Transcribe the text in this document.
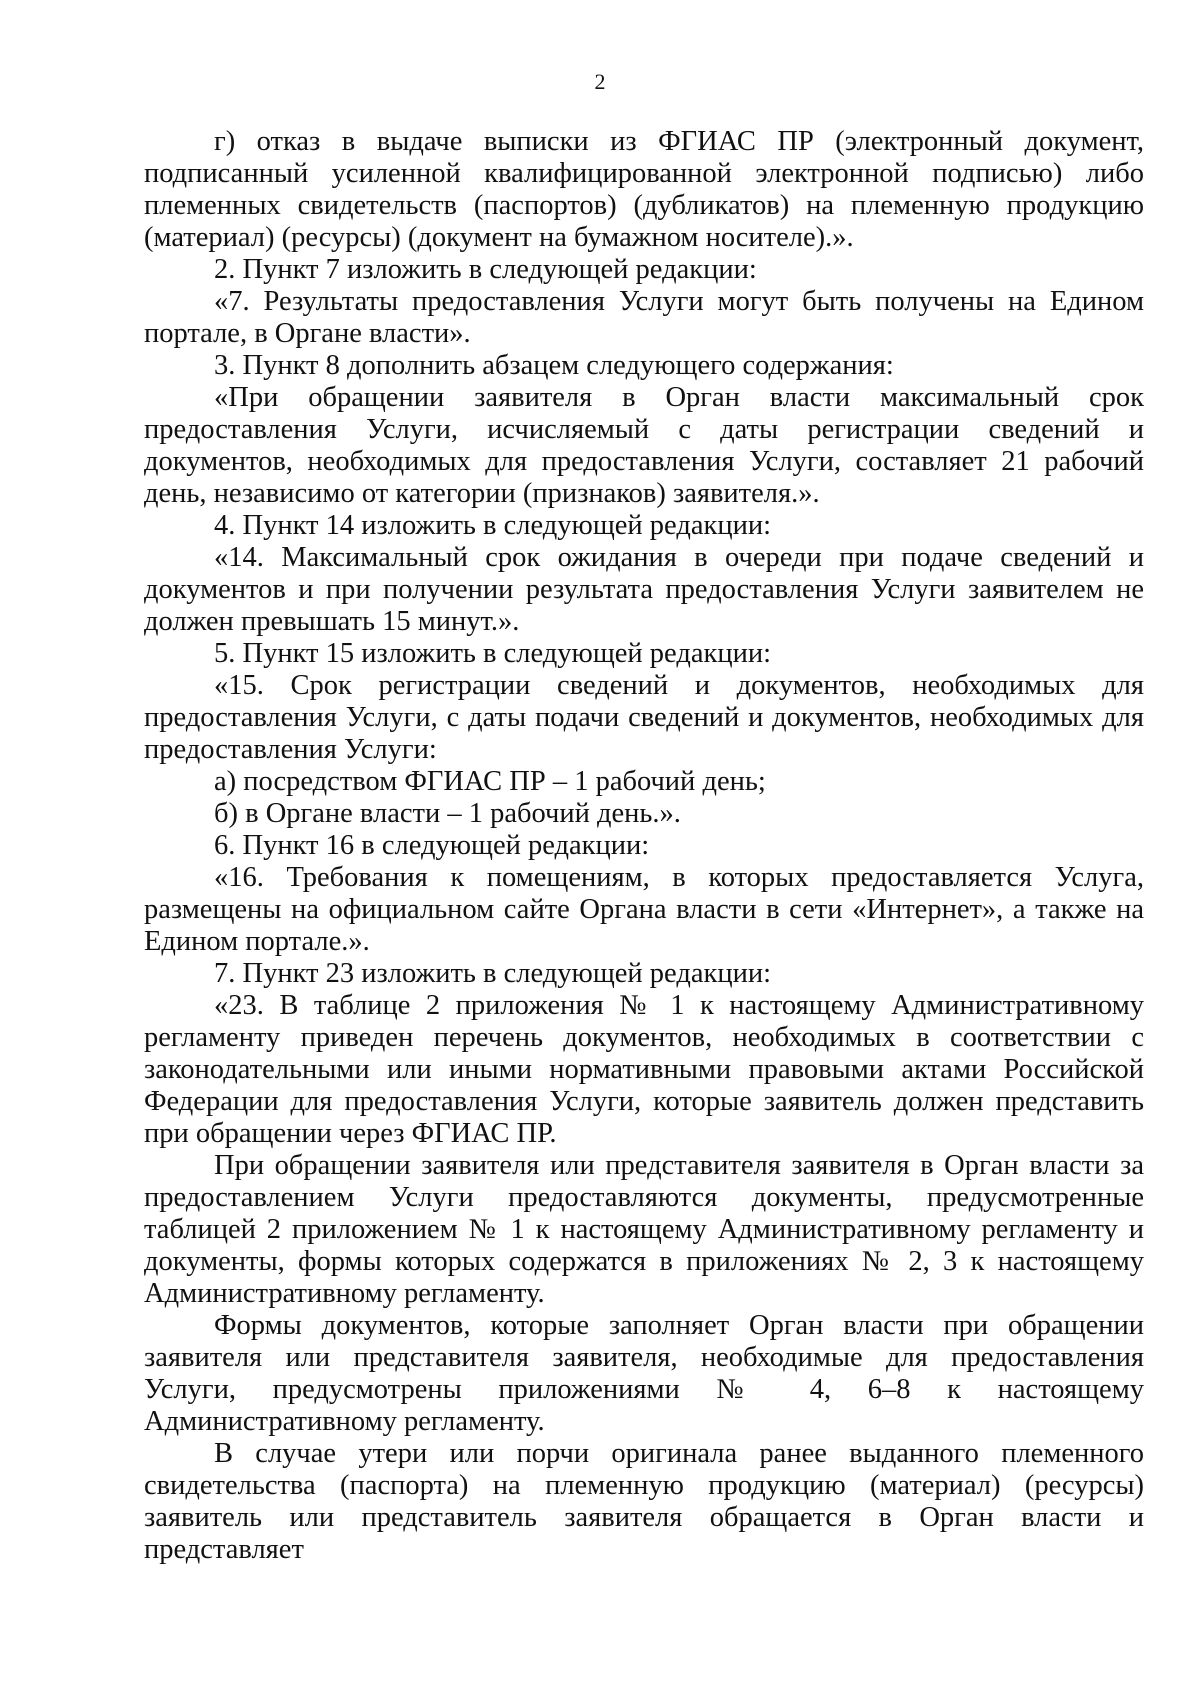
2

г) отказ в выдаче выписки из ФГИАС ПР (электронный документ, подписанный усиленной квалифицированной электронной подписью) либо племенных свидетельств (паспортов) (дубликатов) на племенную продукцию (материал) (ресурсы) (документ на бумажном носителе).».

2. Пункт 7 изложить в следующей редакции:

«7. Результаты предоставления Услуги могут быть получены на Едином портале, в Органе власти».

3. Пункт 8 дополнить абзацем следующего содержания:

«При обращении заявителя в Орган власти максимальный срок предоставления Услуги, исчисляемый с даты регистрации сведений и документов, необходимых для предоставления Услуги, составляет 21 рабочий день, независимо от категории (признаков) заявителя.».

4. Пункт 14 изложить в следующей редакции:

«14. Максимальный срок ожидания в очереди при подаче сведений и документов и при получении результата предоставления Услуги заявителем не должен превышать 15 минут.».

5. Пункт 15 изложить в следующей редакции:

«15. Срок регистрации сведений и документов, необходимых для предоставления Услуги, с даты подачи сведений и документов, необходимых для предоставления Услуги:

а) посредством ФГИАС ПР – 1 рабочий день;

б) в Органе власти – 1 рабочий день.».

6. Пункт 16 в следующей редакции:

«16. Требования к помещениям, в которых предоставляется Услуга, размещены на официальном сайте Органа власти в сети «Интернет», а также на Едином портале.».

7. Пункт 23 изложить в следующей редакции:

«23. В таблице 2 приложения № 1 к настоящему Административному регламенту приведен перечень документов, необходимых в соответствии с законодательными или иными нормативными правовыми актами Российской Федерации для предоставления Услуги, которые заявитель должен представить при обращении через ФГИАС ПР.

При обращении заявителя или представителя заявителя в Орган власти за предоставлением Услуги предоставляются документы, предусмотренные таблицей 2 приложением № 1 к настоящему Административному регламенту и документы, формы которых содержатся в приложениях № 2, 3 к настоящему Административному регламенту.

Формы документов, которые заполняет Орган власти при обращении заявителя или представителя заявителя, необходимые для предоставления Услуги, предусмотрены приложениями № 4, 6–8 к настоящему Административному регламенту.

В случае утери или порчи оригинала ранее выданного племенного свидетельства (паспорта) на племенную продукцию (материал) (ресурсы) заявитель или представитель заявителя обращается в Орган власти и представляет
